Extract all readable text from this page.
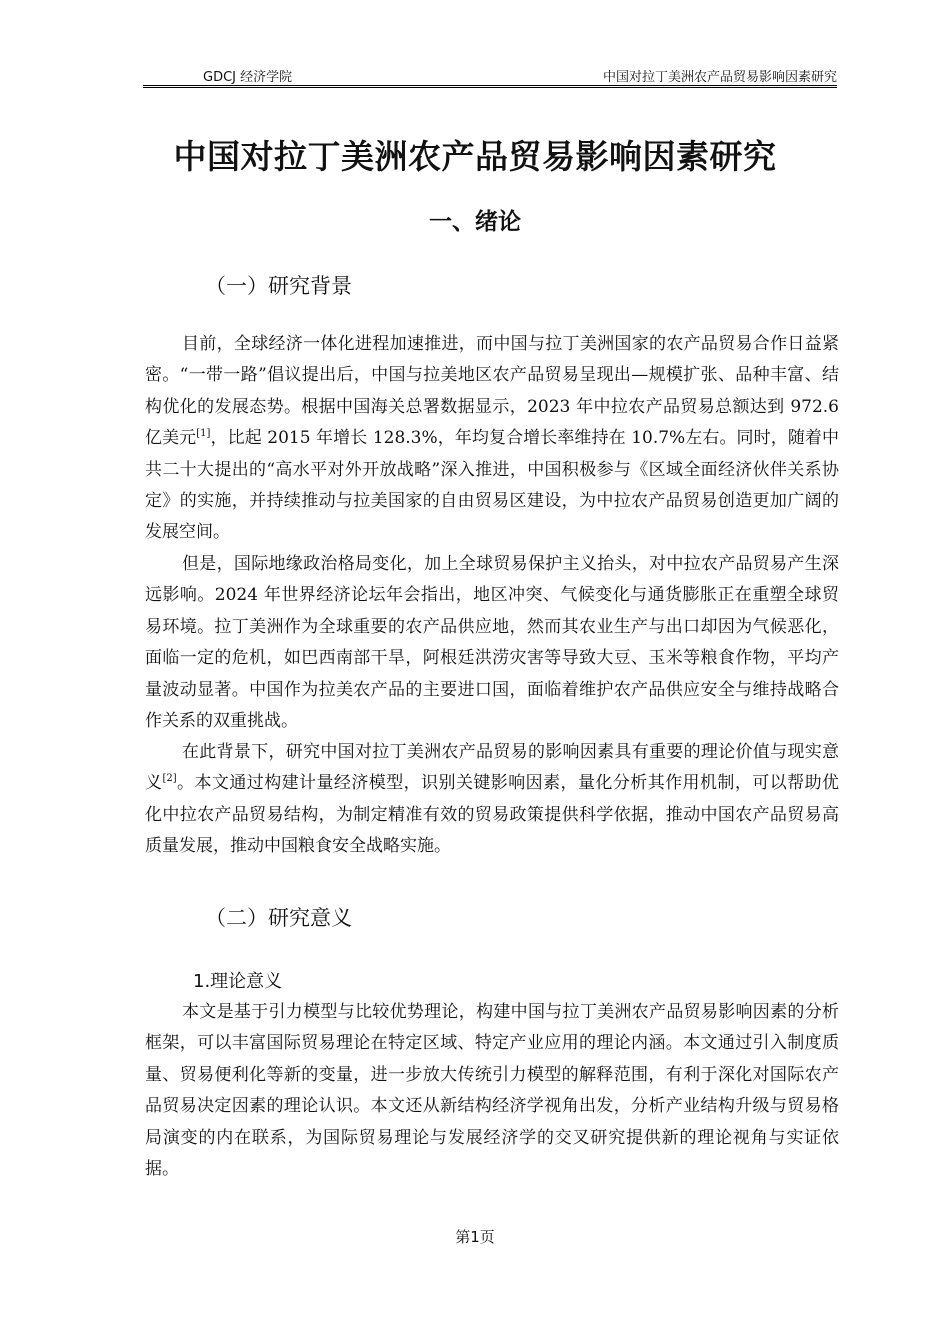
GDCJ 经济学院	中国对拉丁美洲农产品贸易影响因素研究
中国对拉丁美洲农产品贸易影响因素研究
一、绪论
（一）研究背景

目前，全球经济一体化进程加速推进，而中国与拉丁美洲国家的农产品贸易合作日益紧密。“一带一路”倡议提出后，中国与拉美地区农产品贸易呈现出—规模扩张、品种丰富、结构优化的发展态势。根据中国海关总署数据显示，2023 年中拉农产品贸易总额达到 972.6 亿美元[1]，比起 2015 年增长 128.3%，年均复合增长率维持在 10.7%左右。同时，随着中共二十大提出的“高水平对外开放战略”深入推进，中国积极参与《区域全面经济伙伴关系协定》的实施，并持续推动与拉美国家的自由贸易区建设，为中拉农产品贸易创造更加广阔的发展空间。

但是，国际地缘政治格局变化，加上全球贸易保护主义抬头，对中拉农产品贸易产生深远影响。2024 年世界经济论坛年会指出，地区冲突、气候变化与通货膨胀正在重塑全球贸易环境。拉丁美洲作为全球重要的农产品供应地，然而其农业生产与出口却因为气候恶化，面临一定的危机，如巴西南部干旱，阿根廷洪涝灾害等导致大豆、玉米等粮食作物，平均产量波动显著。中国作为拉美农产品的主要进口国，面临着维护农产品供应安全与维持战略合作关系的双重挑战。

在此背景下，研究中国对拉丁美洲农产品贸易的影响因素具有重要的理论价值与现实意义[2]。本文通过构建计量经济模型，识别关键影响因素，量化分析其作用机制，可以帮助优化中拉农产品贸易结构，为制定精准有效的贸易政策提供科学依据，推动中国农产品贸易高质量发展，推动中国粮食安全战略实施。

（二）研究意义
1.理论意义

本文是基于引力模型与比较优势理论，构建中国与拉丁美洲农产品贸易影响因素的分析框架，可以丰富国际贸易理论在特定区域、特定产业应用的理论内涵。本文通过引入制度质量、贸易便利化等新的变量，进一步放大传统引力模型的解释范围，有利于深化对国际农产品贸易决定因素的理论认识。本文还从新结构经济学视角出发，分析产业结构升级与贸易格局演变的内在联系，为国际贸易理论与发展经济学的交叉研究提供新的理论视角与实证依据。

第1页
